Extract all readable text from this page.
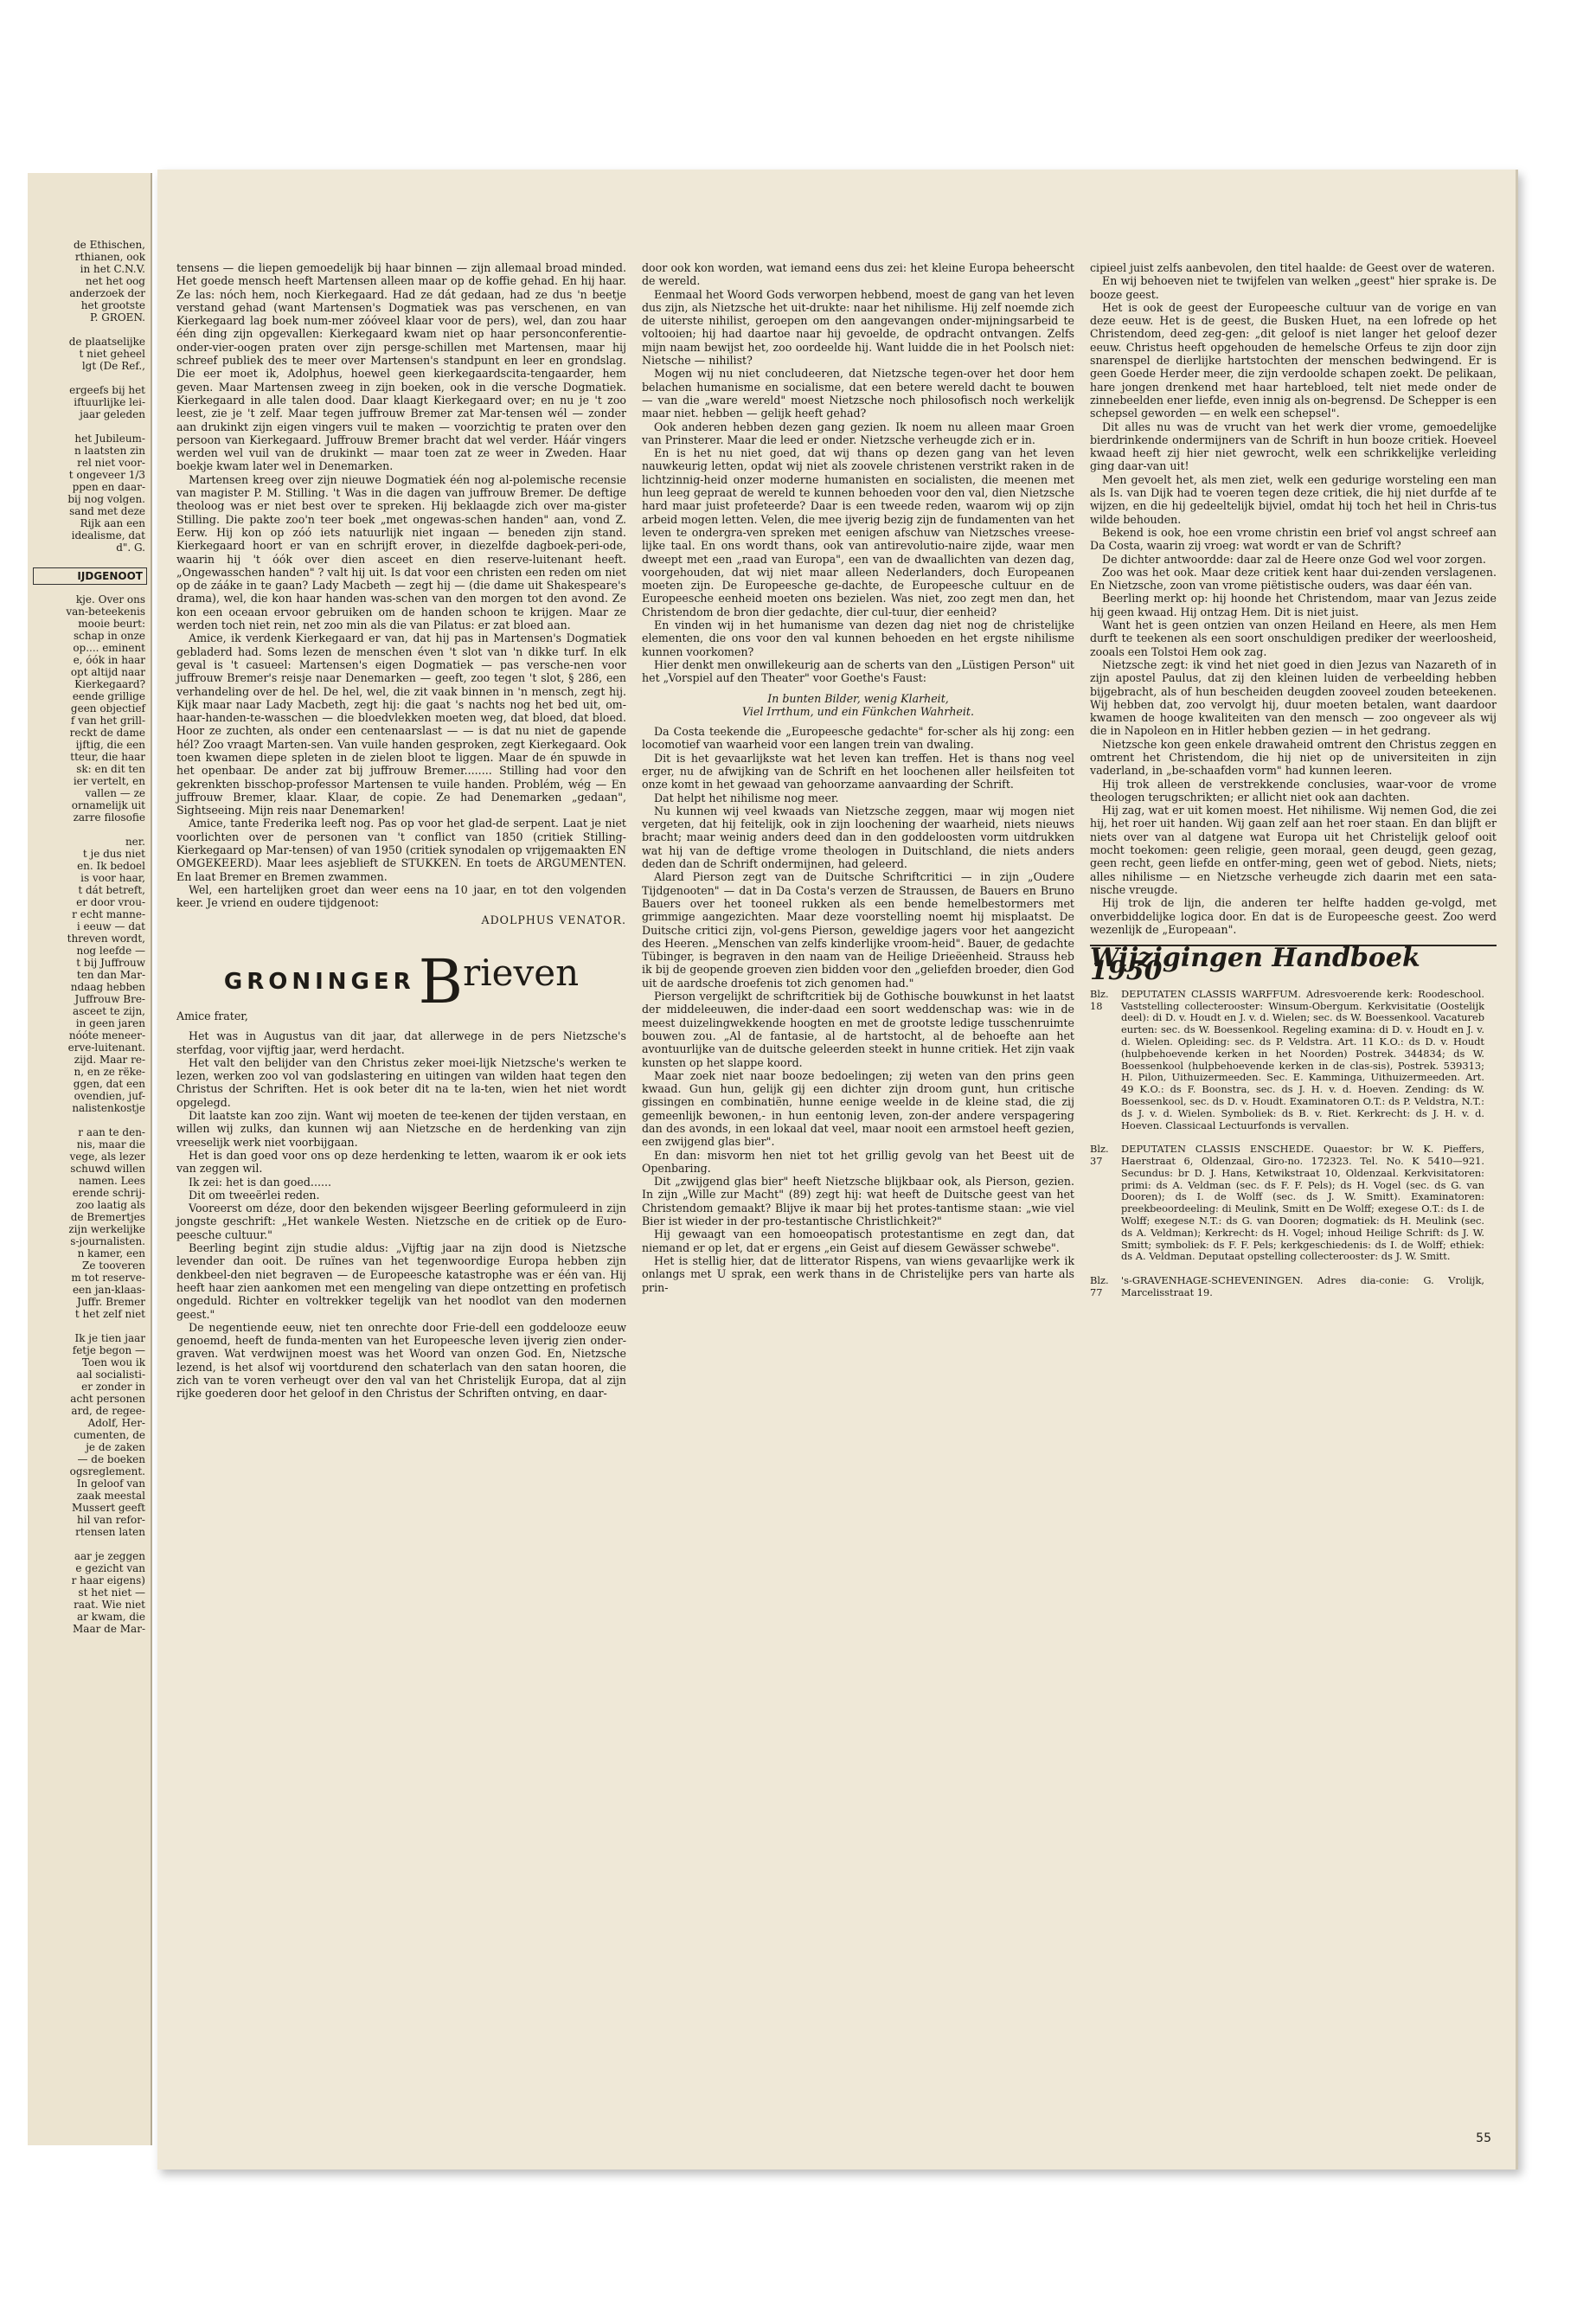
de Ethischen,
rthianen, ook
in het C.N.V.
net het oog
anderzoek der
het grootste
P. GROEN.

de plaatselijke
t niet geheel
lgt (De Ref.,

ergeefs bij het
iftuurlijke lei-
jaar geleden

het Jubileum-
n laatsten zin
rel niet voor-
t ongeveer 1/3
ppen en daar-
bij nog volgen.
sand met deze
Rijk aan een
idealisme, dat
d". G.
IJDGENOOT
kje. Over ons
van-beteekenis
mooie beurt:
schap in onze
op.... eminent
e, óók in haar
opt altijd naar
Kierkegaard?
eende grillige
geen objectief
f van het grill-
reckt de dame
ijftig, die een
tteur, die haar
sk: en dit ten
ier vertelt, en
vallen — ze
ornamelijk uit
zarre filosofie

ner.
t je dus niet
en. Ik bedoel
is voor haar,
t dát betreft,
er door vrou-
r echt manne-
i eeuw — dat
threven wordt,
nog leefde —
t bij Juffrouw
ten dan Mar-
ndaag hebben
Juffrouw Bre-
asceet te zijn,
in geen jaren
nóóte meneer-
erve-luitenant.
zijd. Maar re-
n, en ze rëke-
ggen, dat een
ovendien, juf-
nalistenkostje

r aan te den-
nis, maar die
vege, als lezer
schuwd willen
namen. Lees
erende schrij-
zoo laatig als
de Bremertjes
zijn werkelijke
s-journalisten.
n kamer, een
Ze tooveren
m tot reserve-
een jan-klaas-
Juffr. Bremer
t het zelf niet

Ik je tien jaar
fetje begon —
Toen wou ik
aal socialisti-
er zonder in
acht personen
ard, de regee-
Adolf, Her-
cumenten, de
je de zaken
— de boeken
ogsreglement.
In geloof van
zaak meestal
Mussert geeft
hil van refor-
rtensen laten

aar je zeggen
e gezicht van
r haar eigens)
st het niet —
raat. Wie niet
ar kwam, die
Maar de Mar-

tensens — die liepen gemoedelijk bij haar binnen — zijn allemaal broad minded. Het goede mensch heeft Martensen alleen maar op de koffie gehad. En hij haar. Ze las: nóch hem, noch Kierkegaard. Had ze dát gedaan, had ze dus 'n beetje verstand gehad (want Martensen's Dogmatiek was pas verschenen, en van Kierkegaard lag boek num-mer zóóveel klaar voor de pers), wel, dan zou haar één ding zijn opgevallen: Kierkegaard kwam niet op haar personconferentie-onder-vier-oogen praten over zijn persge-schillen met Martensen, maar hij schreef publiek des te meer over Martensen's standpunt en leer en grondslag. Die eer moet ik, Adolphus, hoewel geen kierkegaardscita-tengaarder, hem geven. Maar Martensen zweeg in zijn boeken, ook in die versche Dogmatiek. Kierkegaard in alle talen dood. Daar klaagt Kierkegaard over; en nu je 't zoo leest, zie je 't zelf. Maar tegen juffrouw Bremer zat Mar-tensen wél — zonder aan drukinkt zijn eigen vingers vuil te maken — voorzichtig te praten over den persoon van Kierkegaard. Juffrouw Bremer bracht dat wel verder. Háár vingers werden wel vuil van de drukinkt — maar toen zat ze weer in Zweden. Haar boekje kwam later wel in Denemarken.

Martensen kreeg over zijn nieuwe Dogmatiek één nog al-polemische recensie van magister P. M. Stilling. 't Was in die dagen van juffrouw Bremer. De deftige theoloog was er niet best over te spreken. Hij beklaagde zich over ma-gister Stilling. Die pakte zoo'n teer boek „met ongewas-schen handen" aan, vond Z. Eerw. Hij kon op zóó iets natuurlijk niet ingaan — beneden zijn stand. Kierkegaard hoort er van en schrijft erover, in diezelfde dagboek-peri-ode, waarin hij 't óók over dien asceet en dien reserve-luitenant heeft. „Ongewasschen handen" ? valt hij uit. Is dat voor een christen een reden om niet op de zááke in te gaan? Lady Macbeth — zegt hij — (die dame uit Shakespeare's drama), wel, die kon haar handen was-schen van den morgen tot den avond. Ze kon een oceaan ervoor gebruiken om de handen schoon te krijgen. Maar ze werden toch niet rein, net zoo min als die van Pilatus: er zat bloed aan.

Amice, ik verdenk Kierkegaard er van, dat hij pas in Martensen's Dogmatiek gebladerd had. Soms lezen de menschen éven 't slot van 'n dikke turf. In elk geval is 't casueel: Martensen's eigen Dogmatiek — pas versche-nen voor juffrouw Bremer's reisje naar Denemarken — geeft, zoo tegen 't slot, § 286, een verhandeling over de hel. De hel, wel, die zit vaak binnen in 'n mensch, zegt hij. Kijk maar naar Lady Macbeth, zegt hij: die gaat 's nachts nog het bed uit, om-haar-handen-te-wasschen — die bloedvlekken moeten weg, dat bloed, dat bloed. Hoor ze zuchten, als onder een centenaarslast — — is dat nu niet de gapende hél? Zoo vraagt Marten-sen. Van vuile handen gesproken, zegt Kierkegaard. Ook toen kwamen diepe spleten in de zielen bloot te liggen. Maar de én spuwde in het openbaar. De ander zat bij juffrouw Bremer........ Stilling had voor den gekrenkten bisschop-professor Martensen te vuile handen. Problém, wég — En juffrouw Bremer, klaar. Klaar, de copie. Ze had Denemarken „gedaan", Sightseeing. Mijn reis naar Denemarken!

Amice, tante Frederika leeft nog. Pas op voor het glad-de serpent. Laat je niet voorlichten over de personen van 't conflict van 1850 (critiek Stilling-Kierkegaard op Mar-tensen) of van 1950 (critiek synodalen op vrijgemaakten EN OMGEKEERD). Maar lees asjeblieft de STUKKEN. En toets de ARGUMENTEN. En laat Bremer en Bremen zwammen.

Wel, een hartelijken groet dan weer eens na 10 jaar, en tot den volgenden keer. Je vriend en oudere tijdgenoot:

ADOLPHUS VENATOR.
GRONINGER Brieven

Amice frater,

Het was in Augustus van dit jaar, dat allerwege in de pers Nietzsche's sterfdag, voor vijftig jaar, werd herdacht.

Het valt den belijder van den Christus zeker moei-lijk Nietzsche's werken te lezen, werken zoo vol van godslastering en uitingen van wilden haat tegen den Christus der Schriften. Het is ook beter dit na te la-ten, wien het niet wordt opgelegd.

Dit laatste kan zoo zijn. Want wij moeten de tee-kenen der tijden verstaan, en willen wij zulks, dan kunnen wij aan Nietzsche en de herdenking van zijn vreeselijk werk niet voorbijgaan.

Het is dan goed voor ons op deze herdenking te letten, waarom ik er ook iets van zeggen wil.

Ik zei: het is dan goed......

Dit om tweeërlei reden.

Vooreerst om déze, door den bekenden wijsgeer Beerling geformuleerd in zijn jongste geschrift: „Het wankele Westen. Nietzsche en de critiek op de Euro-peesche cultuur."

Beerling begint zijn studie aldus: „Vijftig jaar na zijn dood is Nietzsche levender dan ooit. De ruïnes van het tegenwoordige Europa hebben zijn denkbeel-den niet begraven — de Europeesche katastrophe was er één van. Hij heeft haar zien aankomen met een mengeling van diepe ontzetting en profetisch ongeduld. Richter en voltrekker tegelijk van het noodlot van den modernen geest."

De negentiende eeuw, niet ten onrechte door Frie-dell een goddelooze eeuw genoemd, heeft de funda-menten van het Europeesche leven ijverig zien onder-graven. Wat verdwijnen moest was het Woord van onzen God. En, Nietzsche lezend, is het alsof wij voortdurend den schaterlach van den satan hooren, die zich van te voren verheugt over den val van het Christelijk Europa, dat al zijn rijke goederen door het geloof in den Christus der Schriften ontving, en daar-

door ook kon worden, wat iemand eens dus zei: het kleine Europa beheerscht de wereld.

Eenmaal het Woord Gods verworpen hebbend, moest de gang van het leven dus zijn, als Nietzsche het uit-drukte: naar het nihilisme. Hij zelf noemde zich de uiterste nihilist, geroepen om den aangevangen onder-mijningsarbeid te voltooien; hij had daartoe naar hij gevoelde, de opdracht ontvangen. Zelfs mijn naam bewijst het, zoo oordeelde hij. Want luidde die in het Poolsch niet: Nietsche — nihilist?

Mogen wij nu niet concludeeren, dat Nietzsche tegen-over het door hem belachen humanisme en socialisme, dat een betere wereld dacht te bouwen — van die „ware wereld" moest Nietzsche noch philosofisch noch werkelijk maar niet. hebben — gelijk heeft gehad?

Ook anderen hebben dezen gang gezien. Ik noem nu alleen maar Groen van Prinsterer. Maar die leed er onder. Nietzsche verheugde zich er in.

En is het nu niet goed, dat wij thans op dezen gang van het leven nauwkeurig letten, opdat wij niet als zoovele christenen verstrikt raken in de lichtzinnig-heid onzer moderne humanisten en socialisten, die meenen met hun leeg gepraat de wereld te kunnen behoeden voor den val, dien Nietzsche hard maar juist profeteerde? Daar is een tweede reden, waarom wij op zijn arbeid mogen letten. Velen, die mee ijverig bezig zijn de fundamenten van het leven te ondergra-ven spreken met eenigen afschuw van Nietzsches vreese-lijke taal. En ons wordt thans, ook van antirevolutio-naire zijde, waar men dweept met een „raad van Europa", een van de dwaallichten van dezen dag, voorgehouden, dat wij niet maar alleen Nederlanders, doch Europeanen moeten zijn. De Europeesche ge-dachte, de Europeesche cultuur en de Europeesche eenheid moeten ons bezielen. Was niet, zoo zegt men dan, het Christendom de bron dier gedachte, dier cul-tuur, dier eenheid?

En vinden wij in het humanisme van dezen dag niet nog de christelijke elementen, die ons voor den val kunnen behoeden en het ergste nihilisme kunnen voorkomen?

Hier denkt men onwillekeurig aan de scherts van den „Lüstigen Person" uit het „Vorspiel auf den Theater" voor Goethe's Faust:

In bunten Bilder, wenig Klarheit,
Viel Irrthum, und ein Fünkchen Wahrheit.

Da Costa teekende die „Europeesche gedachte" for-scher als hij zong: een locomotief van waarheid voor een langen trein van dwaling.

Dit is het gevaarlijkste wat het leven kan treffen. Het is thans nog veel erger, nu de afwijking van de Schrift en het loochenen aller heilsfeiten tot onze komt in het gewaad van gehoorzame aanvaarding der Schrift.

Dat helpt het nihilisme nog meer.

Nu kunnen wij veel kwaads van Nietzsche zeggen, maar wij mogen niet vergeten, dat hij feitelijk, ook in zijn loochening der waarheid, niets nieuws bracht; maar weinig anders deed dan in den goddeloosten vorm uitdrukken wat hij van de deftige vrome theologen in Duitschland, die niets anders deden dan de Schrift ondermijnen, had geleerd.

Alard Pierson zegt van de Duitsche Schriftcritici — in zijn „Oudere Tijdgenooten" — dat in Da Costa's verzen de Straussen, de Bauers en Bruno Bauers over het tooneel rukken als een bende hemelbestormers met grimmige aangezichten. Maar deze voorstelling noemt hij misplaatst. De Duitsche critici zijn, vol-gens Pierson, geweldige jagers voor het aangezicht des Heeren. „Menschen van zelfs kinderlijke vroom-heid". Bauer, de gedachte Tübinger, is begraven in den naam van de Heilige Drieëenheid. Strauss heb ik bij de geopende groeven zien bidden voor den „geliefden broeder, dien God uit de aardsche droefenis tot zich genomen had."

Pierson vergelijkt de schriftcritiek bij de Gothische bouwkunst in het laatst der middeleeuwen, die inder-daad een soort weddenschap was: wie in de meest duizelingwekkende hoogten en met de grootste ledige tusschenruimte bouwen zou. „Al de fantasie, al de hartstocht, al de behoefte aan het avontuurlijke van de duitsche geleerden steekt in hunne critiek. Het zijn vaak kunsten op het slappe koord.

Maar zoek niet naar booze bedoelingen; zij weten van den prins geen kwaad. Gun hun, gelijk gij een dichter zijn droom gunt, hun critische gissingen en combinatiën, hunne eenige weelde in de kleine stad, die zij gemeenlijk bewonen,- in hun eentonig leven, zon-der andere verspagering dan des avonds, in een lokaal dat veel, maar nooit een armstoel heeft gezien, een zwijgend glas bier".

En dan: misvorm hen niet tot het grillig gevolg van het Beest uit de Openbaring.

Dit „zwijgend glas bier" heeft Nietzsche blijkbaar ook, als Pierson, gezien. In zijn „Wille zur Macht" (89) zegt hij: wat heeft de Duitsche geest van het Christendom gemaakt? Blijve ik maar bij het protes-tantisme staan: „wie viel Bier ist wieder in der pro-testantische Christlichkeit?"

Hij gewaagt van een homoeopatisch protestantisme en zegt dan, dat niemand er op let, dat er ergens „ein Geist auf diesem Gewässer schwebe".

Het is stellig hier, dat de litterator Rispens, van wiens gevaarlijke werk ik onlangs met U sprak, een werk thans in de Christelijke pers van harte als prin-

cipieel juist zelfs aanbevolen, den titel haalde: de Geest over de wateren.

En wij behoeven niet te twijfelen van welken „geest" hier sprake is. De booze geest.

Het is ook de geest der Europeesche cultuur van de vorige en van deze eeuw. Het is de geest, die Busken Huet, na een lofrede op het Christendom, deed zeg-gen: „dit geloof is niet langer het geloof dezer eeuw. Christus heeft opgehouden de hemelsche Orfeus te zijn door zijn snarenspel de dierlijke hartstochten der menschen bedwingend. Er is geen Goede Herder meer, die zijn verdoolde schapen zoekt. De pelikaan, hare jongen drenkend met haar hartebloed, telt niet mede onder de zinnebeelden ener liefde, even innig als on-begrensd. De Schepper is een schepsel geworden — en welk een schepsel".

Dit alles nu was de vrucht van het werk dier vrome, gemoedelijke bierdrinkende ondermijners van de Schrift in hun booze critiek. Hoeveel kwaad heeft zij hier niet gewrocht, welk een schrikkelijke verleiding ging daar-van uit!

Men gevoelt het, als men ziet, welk een gedurige worsteling een man als Is. van Dijk had te voeren tegen deze critiek, die hij niet durfde af te wijzen, en die hij gedeeltelijk bijviel, omdat hij toch het heil in Chris-tus wilde behouden.

Bekend is ook, hoe een vrome christin een brief vol angst schreef aan Da Costa, waarin zij vroeg: wat wordt er van de Schrift?

De dichter antwoordde: daar zal de Heere onze God wel voor zorgen.

Zoo was het ook. Maar deze critiek kent haar dui-zenden verslagenen. En Nietzsche, zoon van vrome piëtistische ouders, was daar één van.

Beerling merkt op: hij hoonde het Christendom, maar van Jezus zeide hij geen kwaad. Hij ontzag Hem. Dit is niet juist.

Want het is geen ontzien van onzen Heiland en Heere, als men Hem durft te teekenen als een soort onschuldigen prediker der weerloosheid, zooals een Tolstoi Hem ook zag.

Nietzsche zegt: ik vind het niet goed in dien Jezus van Nazareth of in zijn apostel Paulus, dat zij den kleinen luiden de verbeelding hebben bijgebracht, als of hun bescheiden deugden zooveel zouden beteekenen. Wij hebben dat, zoo vervolgt hij, duur moeten betalen, want daardoor kwamen de hooge kwaliteiten van den mensch — zoo ongeveer als wij die in Napoleon en in Hitler hebben gezien — in het gedrang.

Nietzsche kon geen enkele drawaheid omtrent den Christus zeggen en omtrent het Christendom, die hij niet op de universiteiten in zijn vaderland, in „be-schaafden vorm" had kunnen leeren.

Hij trok alleen de verstrekkende conclusies, waar-voor de vrome theologen terugschrikten; er allicht niet ook aan dachten.

Hij zag, wat er uit komen moest. Het nihilisme. Wij nemen God, die zei hij, het roer uit handen. Wij gaan zelf aan het roer staan. En dan blijft er niets over van al datgene wat Europa uit het Christelijk geloof ooit mocht toekomen: geen religie, geen moraal, geen deugd, geen gezag, geen recht, geen liefde en ontfer-ming, geen wet of gebod. Niets, niets; alles nihilisme — en Nietzsche verheugde zich daarin met een sata-nische vreugde.

Hij trok de lijn, die anderen ter helfte hadden ge-volgd, met onverbiddelijke logica door. En dat is de Europeesche geest. Zoo werd wezenlijk de „Europeaan".

Wijzigingen Handboek 1950
Blz. 18DEPUTATEN CLASSIS WARFFUM. Adresvoerende kerk: Roodeschool. Vaststelling collecterooster: Winsum-Obergum. Kerkvisitatie (Oostelijk deel): di D. v. Houdt en J. v. d. Wielen; sec. ds W. Boessenkool. Vacatureb eurten: sec. ds W. Boessenkool. Regeling examina: di D. v. Houdt en J. v. d. Wielen. Opleiding: sec. ds P. Veldstra. Art. 11 K.O.: ds D. v. Houdt (hulpbehoevende kerken in het Noorden) Postrek. 344834; ds W. Boessenkool (hulpbehoevende kerken in de clas-sis), Postrek. 539313; H. Pilon, Uithuizermeeden. Sec. E. Kamminga, Uithuizermeeden. Art. 49 K.O.: ds F. Boonstra, sec. ds J. H. v. d. Hoeven. Zending: ds W. Boessenkool, sec. ds D. v. Houdt. Examinatoren O.T.: ds P. Veldstra, N.T.: ds J. v. d. Wielen. Symboliek: ds B. v. Riet. Kerkrecht: ds J. H. v. d. Hoeven. Classicaal Lectuurfonds is vervallen.
Blz. 37DEPUTATEN CLASSIS ENSCHEDE. Quaestor: br W. K. Pieffers, Haerstraat 6, Oldenzaal, Giro-no. 172323. Tel. No. K 5410—921. Secundus: br D. J. Hans, Ketwikstraat 10, Oldenzaal. Kerkvisitatoren: primi: ds A. Veldman (sec. ds F. F. Pels); ds H. Vogel (sec. ds G. van Dooren); ds I. de Wolff (sec. ds J. W. Smitt). Examinatoren: preekbeoordeeling: di Meulink, Smitt en De Wolff; exegese O.T.: ds I. de Wolff; exegese N.T.: ds G. van Dooren; dogmatiek: ds H. Meulink (sec. ds A. Veldman); Kerkrecht: ds H. Vogel; inhoud Heilige Schrift: ds J. W. Smitt; symboliek: ds F. F. Pels; kerkgeschiedenis: ds I. de Wolff; ethiek: ds A. Veldman. Deputaat opstelling collecterooster: ds J. W. Smitt.
Blz. 77's-GRAVENHAGE-SCHEVENINGEN. Adres dia-conie: G. Vrolijk, Marcelisstraat 19.
55
